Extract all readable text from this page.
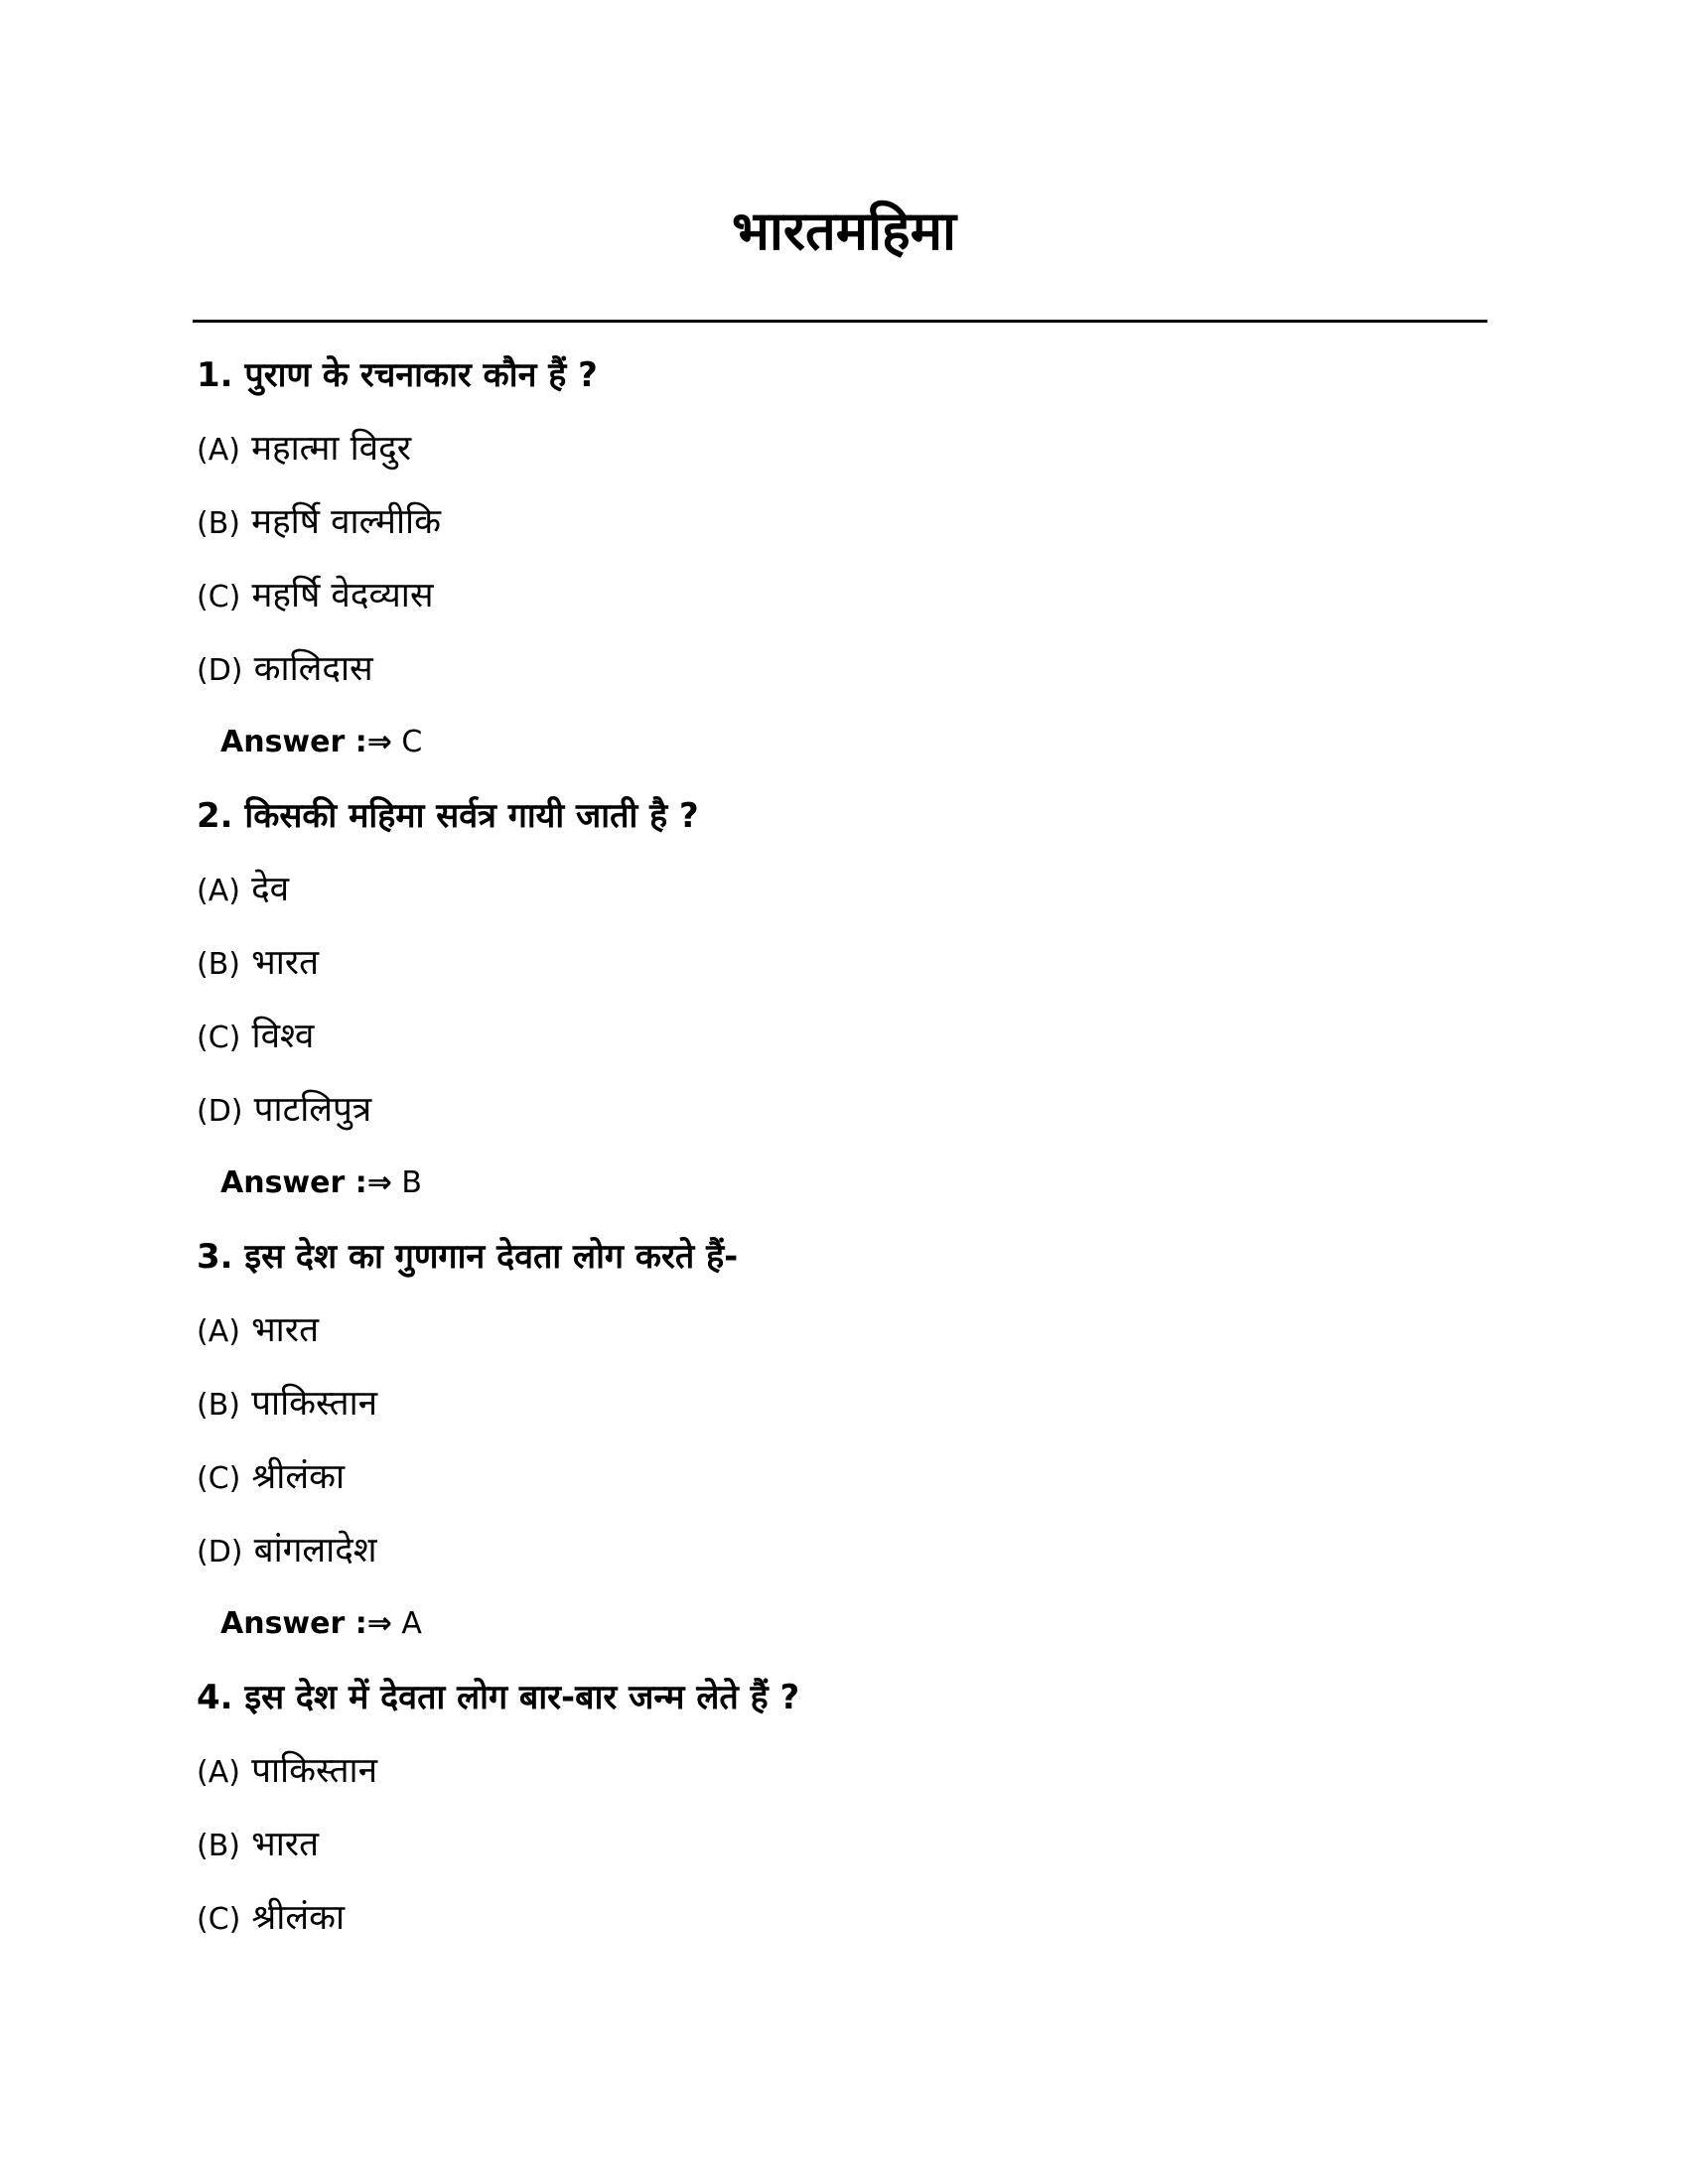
भारतमहिमा
1. पुराण के रचनाकार कौन हैं ?
(A) महात्मा विदुर
(B) महर्षि वाल्मीकि
(C) महर्षि वेदव्यास
(D) कालिदास
Answer :⇒ C
2. किसकी महिमा सर्वत्र गायी जाती है ?
(A) देव
(B) भारत
(C) विश्व
(D) पाटलिपुत्र
Answer :⇒ B
3. इस देश का गुणगान देवता लोग करते हैं-
(A) भारत
(B) पाकिस्तान
(C) श्रीलंका
(D) बांगलादेश
Answer :⇒ A
4. इस देश में देवता लोग बार-बार जन्म लेते हैं ?
(A) पाकिस्तान
(B) भारत
(C) श्रीलंका
